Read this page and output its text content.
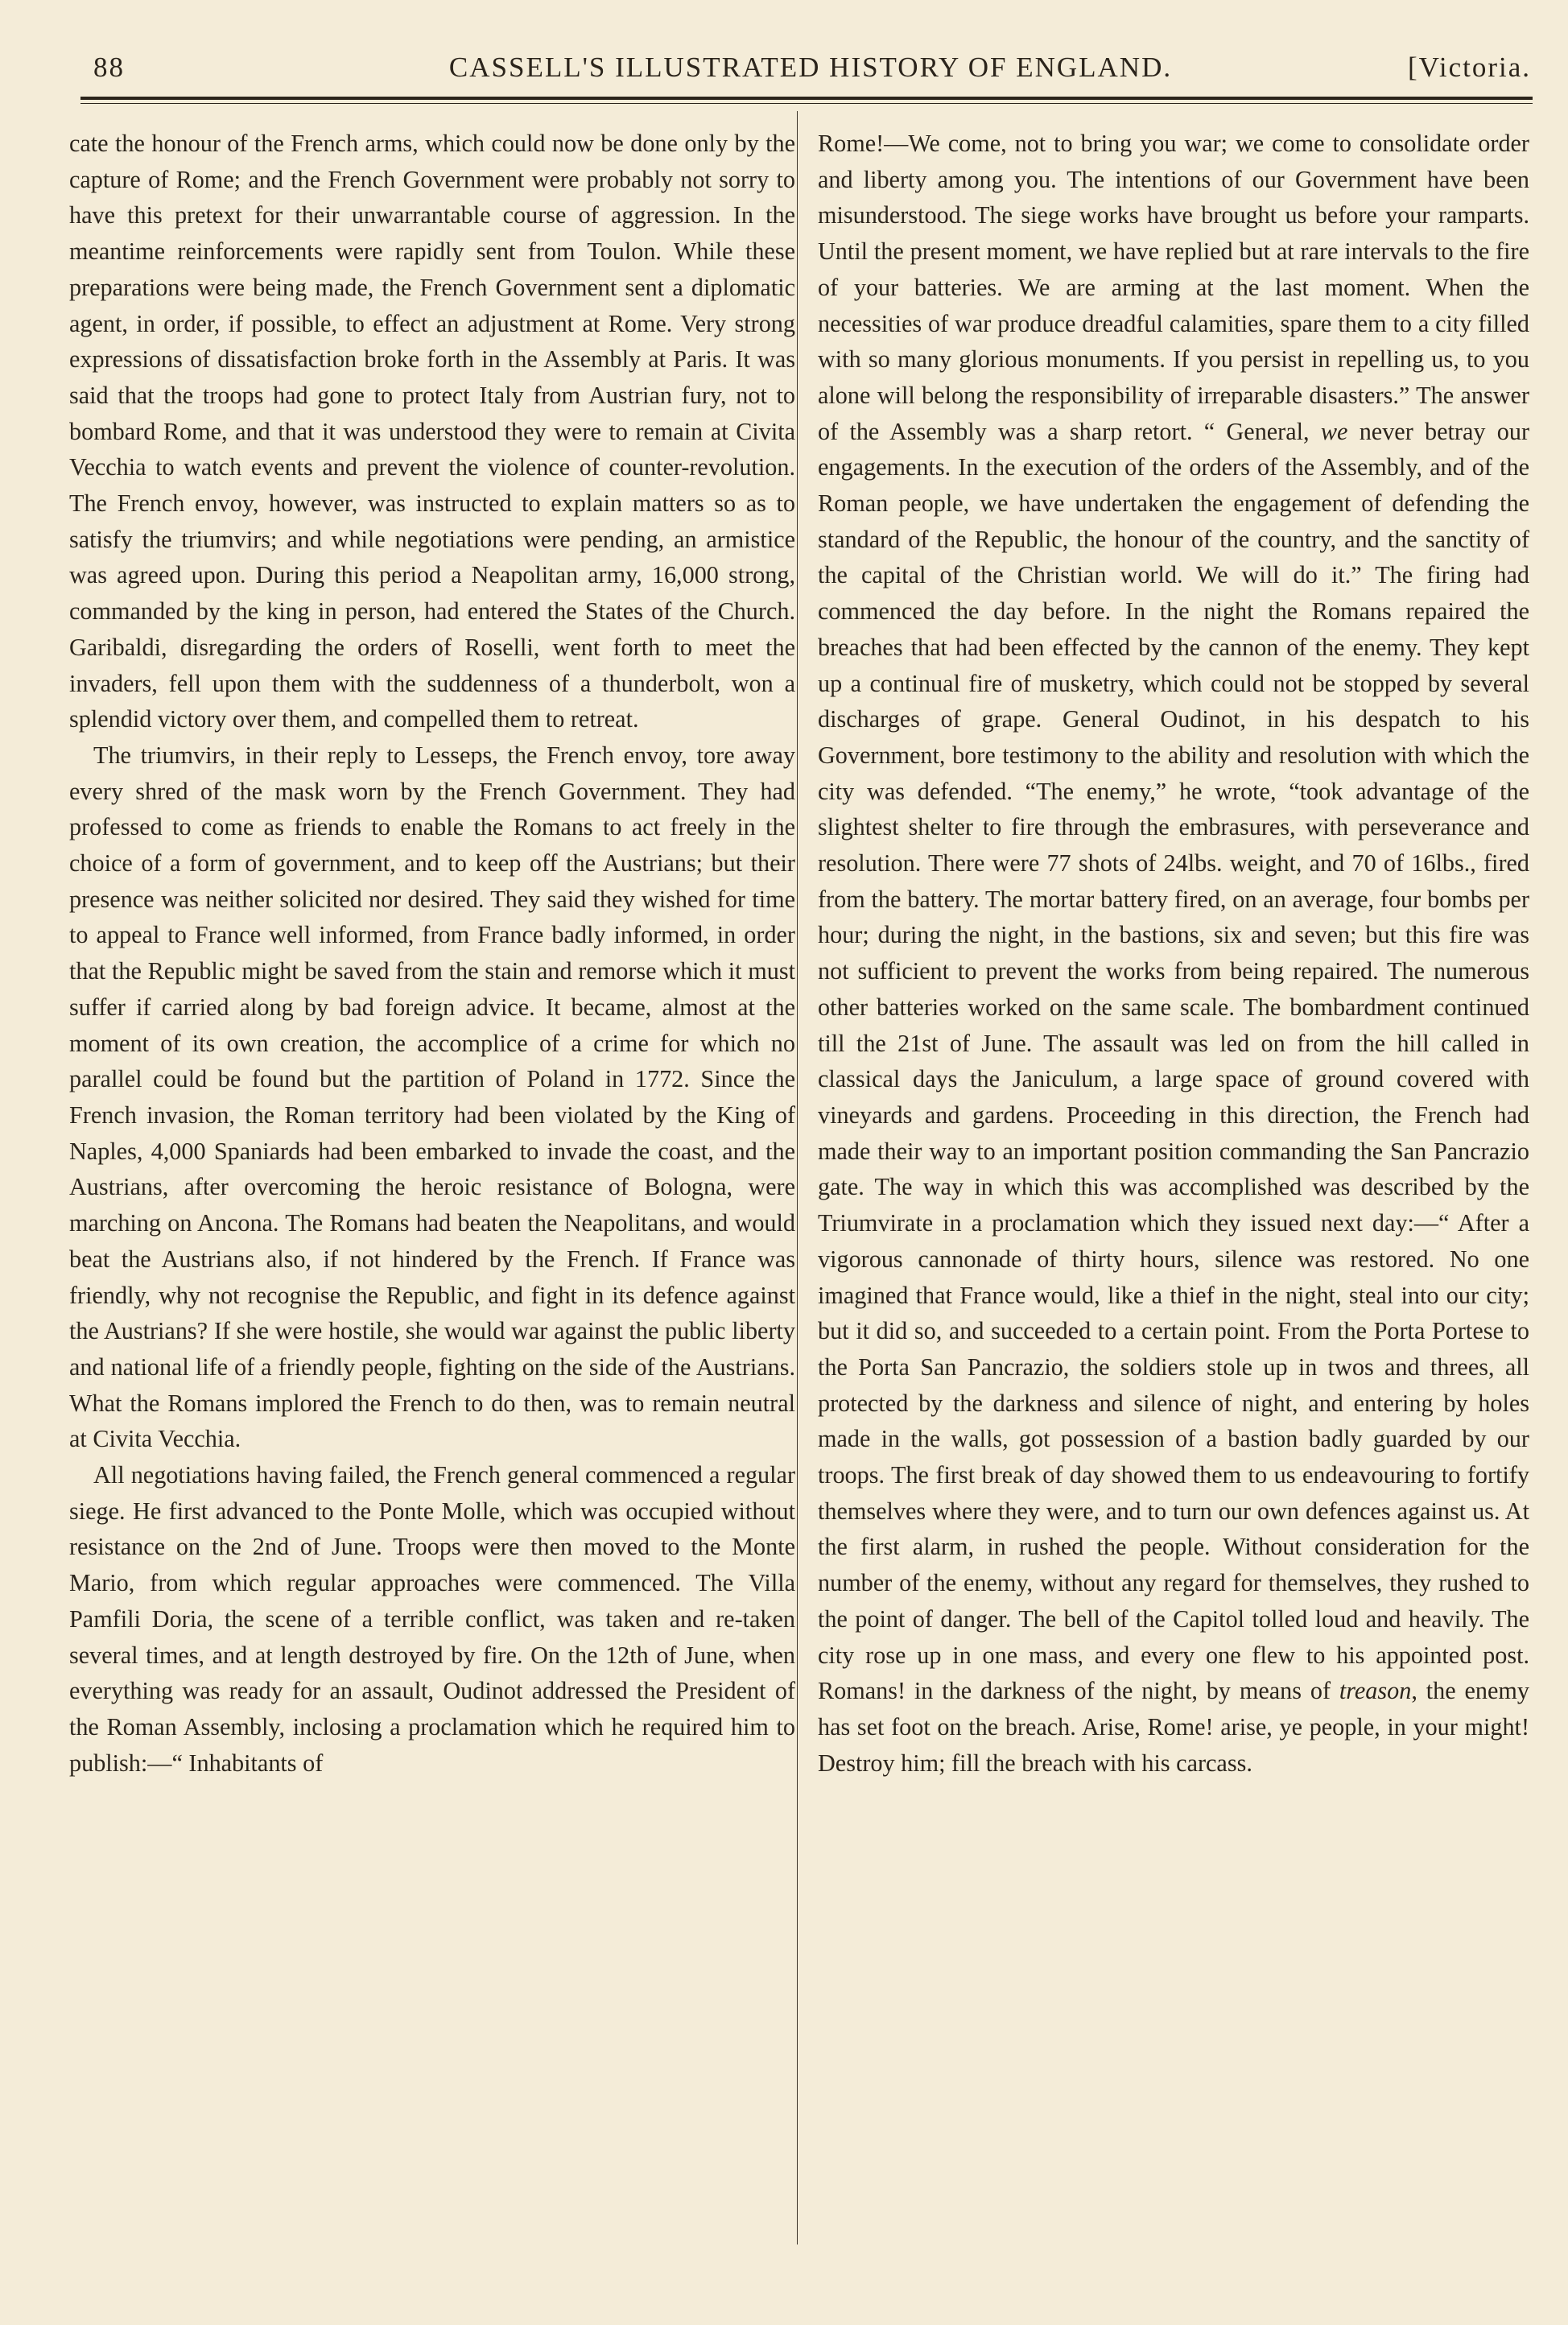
88	CASSELL'S ILLUSTRATED HISTORY OF ENGLAND.	[Victoria.

cate the honour of the French arms, which could now be done only by the capture of Rome; and the French Government were probably not sorry to have this pretext for their unwarrantable course of aggression. In the meantime reinforcements were rapidly sent from Toulon. While these preparations were being made, the French Government sent a diplomatic agent, in order, if possible, to effect an adjustment at Rome. Very strong expressions of dissatisfaction broke forth in the Assembly at Paris. It was said that the troops had gone to protect Italy from Austrian fury, not to bombard Rome, and that it was understood they were to remain at Civita Vecchia to watch events and prevent the violence of counter-revolution. The French envoy, however, was instructed to explain matters so as to satisfy the triumvirs; and while negotiations were pending, an armistice was agreed upon. During this period a Neapolitan army, 16,000 strong, commanded by the king in person, had entered the States of the Church. Garibaldi, disregarding the orders of Roselli, went forth to meet the invaders, fell upon them with the suddenness of a thunderbolt, won a splendid victory over them, and compelled them to retreat.

The triumvirs, in their reply to Lesseps, the French envoy, tore away every shred of the mask worn by the French Government. They had professed to come as friends to enable the Romans to act freely in the choice of a form of government, and to keep off the Austrians; but their presence was neither solicited nor desired. They said they wished for time to appeal to France well informed, from France badly informed, in order that the Republic might be saved from the stain and remorse which it must suffer if carried along by bad foreign advice. It became, almost at the moment of its own creation, the accomplice of a crime for which no parallel could be found but the partition of Poland in 1772. Since the French invasion, the Roman territory had been violated by the King of Naples, 4,000 Spaniards had been embarked to invade the coast, and the Austrians, after overcoming the heroic resistance of Bologna, were marching on Ancona. The Romans had beaten the Neapolitans, and would beat the Austrians also, if not hindered by the French. If France was friendly, why not recognise the Republic, and fight in its defence against the Austrians? If she were hostile, she would war against the public liberty and national life of a friendly people, fighting on the side of the Austrians. What the Romans implored the French to do then, was to remain neutral at Civita Vecchia.

All negotiations having failed, the French general commenced a regular siege. He first advanced to the Ponte Molle, which was occupied without resistance on the 2nd of June. Troops were then moved to the Monte Mario, from which regular approaches were commenced. The Villa Pamfili Doria, the scene of a terrible conflict, was taken and re-taken several times, and at length destroyed by fire. On the 12th of June, when everything was ready for an assault, Oudinot addressed the President of the Roman Assembly, inclosing a proclamation which he required him to publish:—“ Inhabitants of

Rome!—We come, not to bring you war; we come to consolidate order and liberty among you. The intentions of our Government have been misunderstood. The siege works have brought us before your ramparts. Until the present moment, we have replied but at rare intervals to the fire of your batteries. We are arming at the last moment. When the necessities of war produce dreadful calamities, spare them to a city filled with so many glorious monuments. If you persist in repelling us, to you alone will belong the responsibility of irreparable disasters.” The answer of the Assembly was a sharp retort. “ General, we never betray our engagements. In the execution of the orders of the Assembly, and of the Roman people, we have undertaken the engagement of defending the standard of the Republic, the honour of the country, and the sanctity of the capital of the Christian world. We will do it.” The firing had commenced the day before. In the night the Romans repaired the breaches that had been effected by the cannon of the enemy. They kept up a continual fire of musketry, which could not be stopped by several discharges of grape. General Oudinot, in his despatch to his Government, bore testimony to the ability and resolution with which the city was defended. “The enemy,” he wrote, “took advantage of the slightest shelter to fire through the embrasures, with perseverance and resolution. There were 77 shots of 24lbs. weight, and 70 of 16lbs., fired from the battery. The mortar battery fired, on an average, four bombs per hour; during the night, in the bastions, six and seven; but this fire was not sufficient to prevent the works from being repaired. The numerous other batteries worked on the same scale. The bombardment continued till the 21st of June. The assault was led on from the hill called in classical days the Janiculum, a large space of ground covered with vineyards and gardens. Proceeding in this direction, the French had made their way to an important position commanding the San Pancrazio gate. The way in which this was accomplished was described by the Triumvirate in a proclamation which they issued next day:—“ After a vigorous cannonade of thirty hours, silence was restored. No one imagined that France would, like a thief in the night, steal into our city; but it did so, and succeeded to a certain point. From the Porta Portese to the Porta San Pancrazio, the soldiers stole up in twos and threes, all protected by the darkness and silence of night, and entering by holes made in the walls, got possession of a bastion badly guarded by our troops. The first break of day showed them to us endeavouring to fortify themselves where they were, and to turn our own defences against us. At the first alarm, in rushed the people. Without consideration for the number of the enemy, without any regard for themselves, they rushed to the point of danger. The bell of the Capitol tolled loud and heavily. The city rose up in one mass, and every one flew to his appointed post. Romans! in the darkness of the night, by means of treason, the enemy has set foot on the breach. Arise, Rome! arise, ye people, in your might! Destroy him; fill the breach with his carcass.
